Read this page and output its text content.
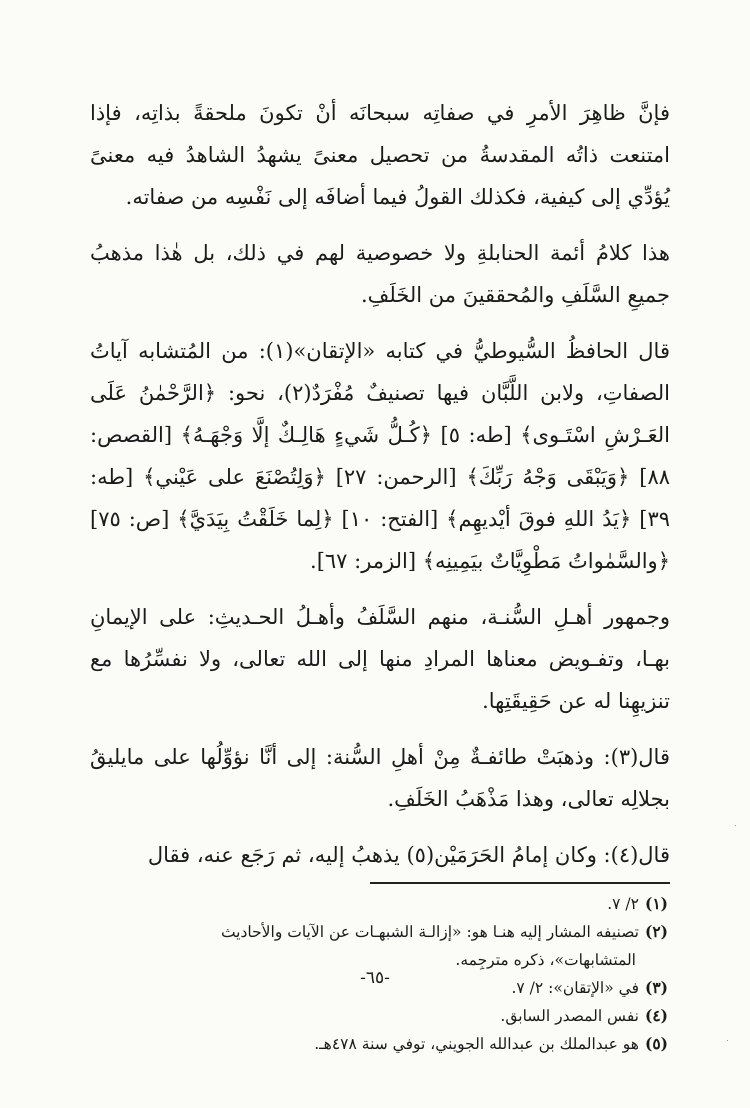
فإنَّ ظاهِرَ الأمرِ في صفاتِه سبحانَه أنْ تكونَ ملحقةً بذاتِه، فإذا امتنعت ذاتُه المقدسةُ من تحصيل معنىً يشهدُ الشاهدُ فيه معنىً يُؤدِّي إلى كيفية، فكذلك القولُ فيما أضافَه إلى نَفْسِه من صفاته.

هذا كلامُ أئمة الحنابلةِ ولا خصوصية لهم في ذلك، بل هٰذا مذهبُ جميعِ السَّلَفِ والمُحققينَ من الخَلَفِ.

قال الحافظُ السُّيوطيُّ في كتابه «الإتقان»(١): من المُتشابه آياتُ الصفاتِ، ولابن اللَّبَّان فيها تصنيفٌ مُفْرَدٌ(٢)، نحو: ﴿الرَّحْمٰنُ عَلَى العَـرْشِ اسْتَـوى﴾ [طه: ٥] ﴿كُـلُّ شَيءٍ هَالِـكٌ إلَّا وَجْهَـهُ﴾ [القصص: ٨٨] ﴿وَيَبْقَى وَجْهُ رَبِّكَ﴾ [الرحمن: ٢٧] ﴿وَلِتُصْنَعَ على عَيْني﴾ [طه: ٣٩] ﴿يَدُ اللهِ فوقَ أيْديهِم﴾ [الفتح: ١٠] ﴿لِما خَلَقْتُ بِيَدَيَّ﴾ [ص: ٧٥] ﴿والسَّمٰواتُ مَطْوِيَّاتٌ بيَمِينِه﴾ [الزمر: ٦٧].

وجمهور أهـلِ السُّنـة، منهم السَّلَفُ وأهـلُ الحـديثِ: على الإيمانِ بهـا، وتفـويض معناها المرادِ منها إلى الله تعالى، ولا نفسِّرُها مع تنزيهِنا له عن حَقِيقَتِها.

قال(٣): وذهبَتْ طائفـةٌ مِنْ أهلِ السُّنة: إلى أنَّا نؤوِّلُها على مايليقُ بجلالِه تعالى، وهذا مَذْهَبُ الخَلَفِ.

قال(٤): وكان إمامُ الحَرَمَيْن(٥) يذهبُ إليه، ثم رَجَع عنه، فقال

(١)٢/ ٧.

(٢)تصنيفه المشار إليه هنـا هو: «إزالـة الشبهـات عن الآيات والأحاديث

المتشابهات»، ذكره مترجِمه.

(٣)في «الإتقان»: ٢/ ٧.

(٤)نفس المصدر السابق.

(٥)هو عبدالملك بن عبدالله الجويني، توفي سنة ٤٧٨هـ.

-٦٥-
